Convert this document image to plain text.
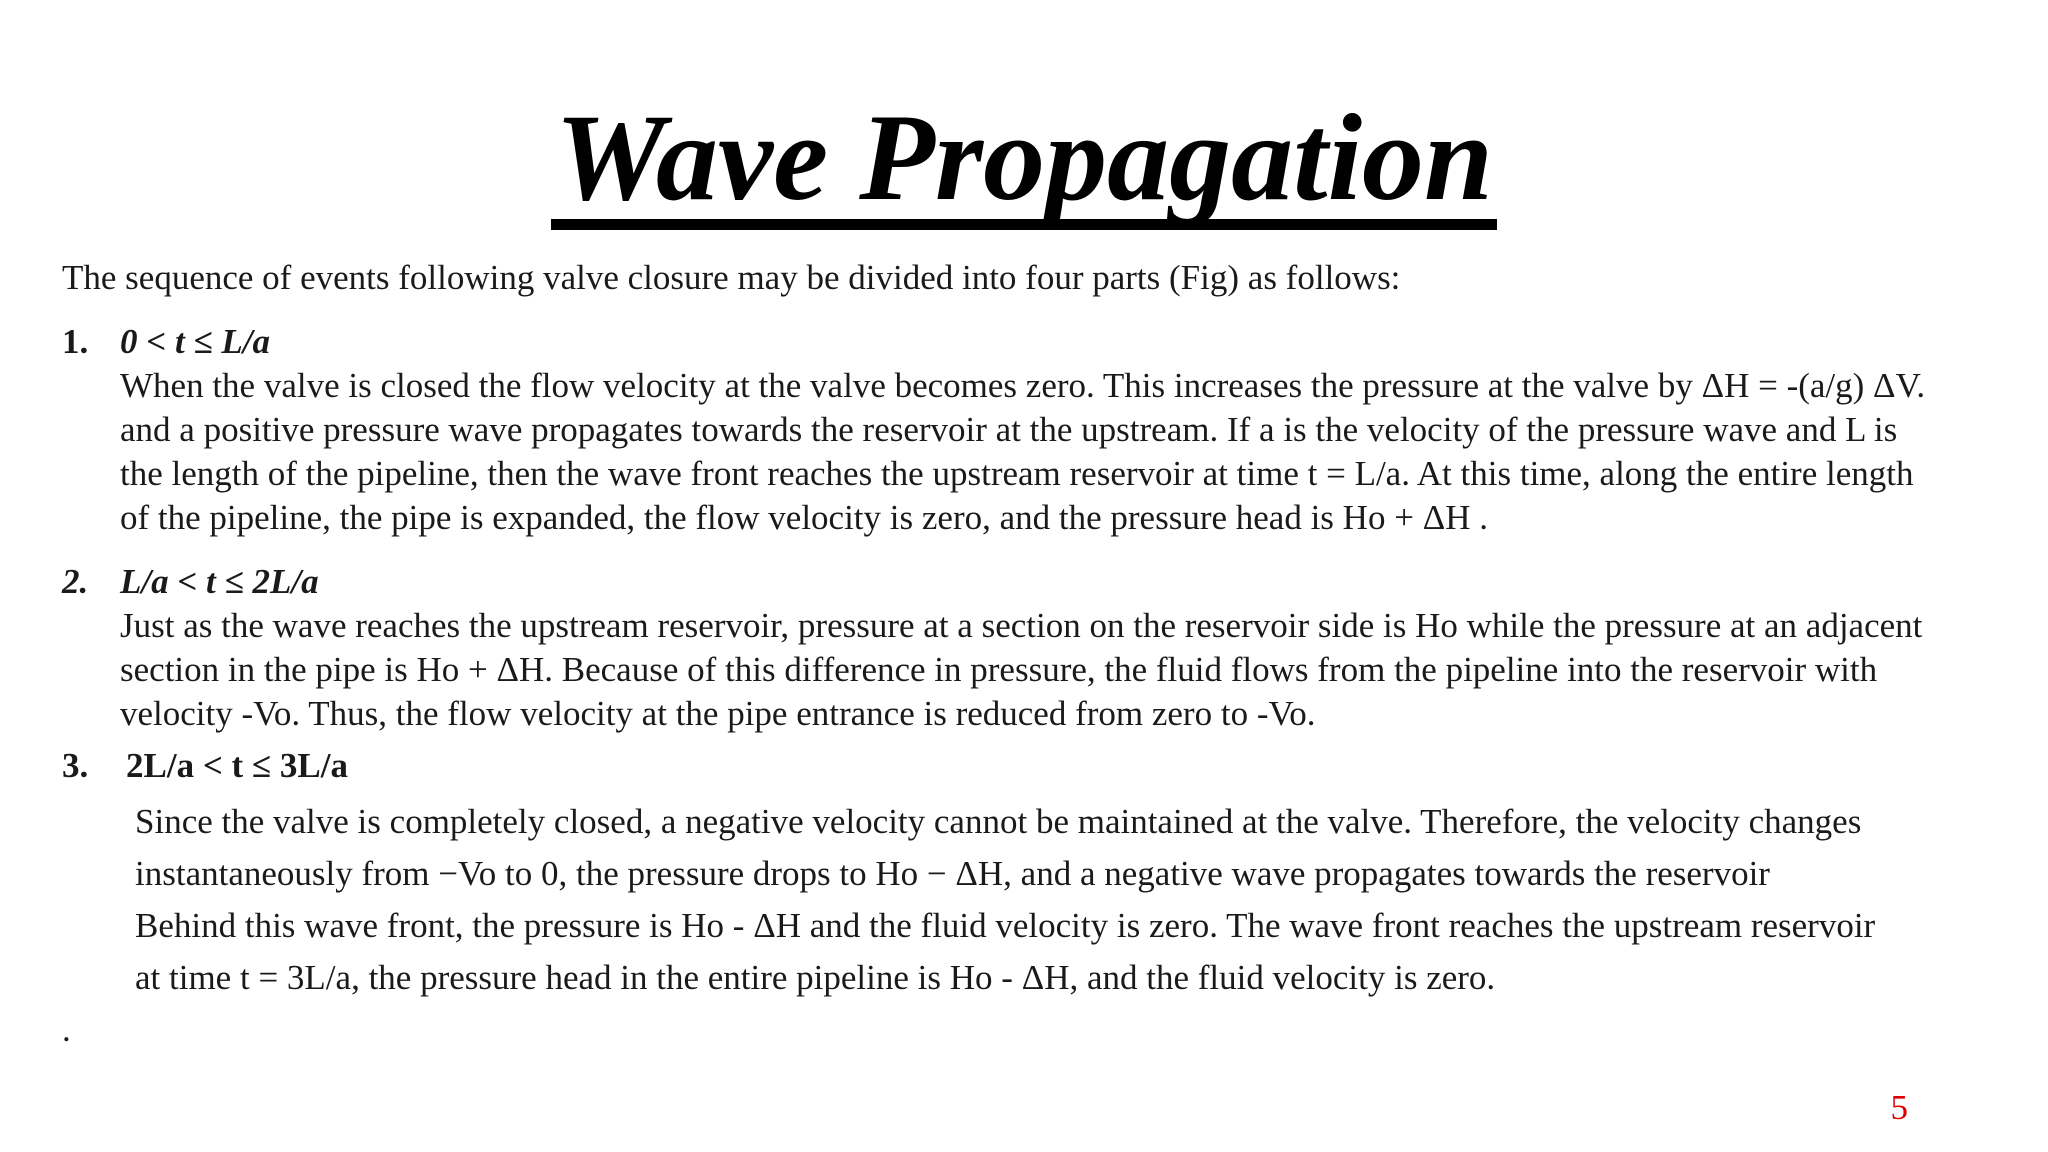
Wave Propagation
The sequence of events following valve closure may be divided into four parts (Fig) as follows:
1. 0 < t ≤ L/a
When the valve is closed the flow velocity at the valve becomes zero. This increases the pressure at the valve by ΔH = -(a/g) ΔV.
and a positive pressure wave propagates towards the reservoir at the upstream. If a is the velocity of the pressure wave and L is
the length of the pipeline, then the wave front reaches the upstream reservoir at time t = L/a. At this time, along the entire length
of the pipeline, the pipe is expanded, the flow velocity is zero, and the pressure head is Ho + ΔH .
2. L/a < t ≤ 2L/a
Just as the wave reaches the upstream reservoir, pressure at a section on the reservoir side is Ho while the pressure at an adjacent
section in the pipe is Ho + ΔH. Because of this difference in pressure, the fluid flows from the pipeline into the reservoir with
velocity -Vo. Thus, the flow velocity at the pipe entrance is reduced from zero to -Vo.
3. 2L/a < t ≤ 3L/a
Since the valve is completely closed, a negative velocity cannot be maintained at the valve. Therefore, the velocity changes
instantaneously from −Vo to 0, the pressure drops to Ho − ΔH, and a negative wave propagates towards the reservoir
Behind this wave front, the pressure is Ho - ΔH and the fluid velocity is zero. The wave front reaches the upstream reservoir
at time t = 3L/a, the pressure head in the entire pipeline is Ho - ΔH, and the fluid velocity is zero.
.
5
